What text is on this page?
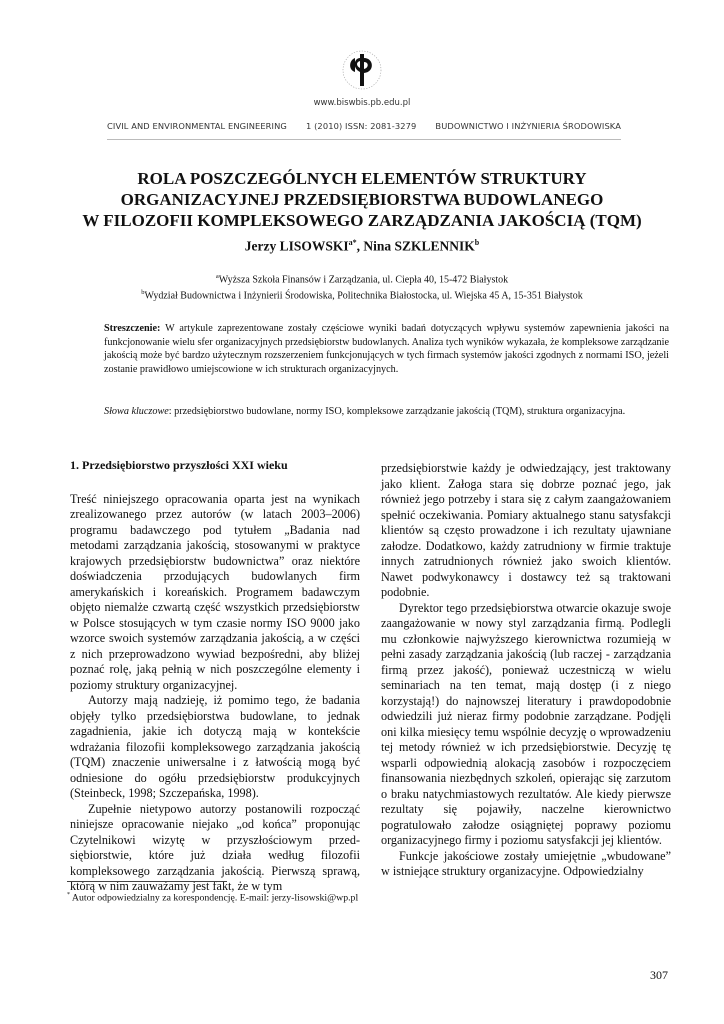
www.biswbis.pb.edu.pl
CIVIL AND ENVIRONMENTAL ENGINEERING 1 (2010) ISSN: 2081-3279 BUDOWNICTWO I INŻYNIERIA ŚRODOWISKA
ROLA POSZCZEGÓLNYCH ELEMENTÓW STRUKTURY
ORGANIZACYJNEJ PRZEDSIĘBIORSTWA BUDOWLANEGO
W FILOZOFII KOMPLEKSOWEGO ZARZĄDZANIA JAKOŚCIĄ (TQM)
Jerzy $LISOWSKI^{a*}$, Nina SZKLENNIK$^b$
$^a$Wyższa Szkoła Finansów i Zarządzania, ul. Ciepła 40, 15-472 Białystok
$^b$Wydział Budownictwa i Inżynierii Środowiska, Politechnika Białostocka, ul. Wiejska 45 A, 15-351 Białystok
Streszczenie: W artykule zaprezentowane zostały częściowe wyniki badań dotyczących wpływu systemów zapewnienia jakości na funkcjonowanie wielu sfer organizacyjnych przedsiębiorstw budowlanych. Analiza tych wyników wykazała, że kompleksowe zarządzanie jakością może być bardzo użytecznym rozszerzeniem funkcjonujących w tych firmach systemów jakości zgodnych z normami ISO, jeżeli zostanie prawidłowo umiejscowione w ich strukturach organizacyjnych.
Słowa kluczowe: przedsiębiorstwo budowlane, normy ISO, kompleksowe zarządzanie jakością (TQM), struktura organizacyjna.
1. Przedsiębiorstwo przyszłości XXI wieku

Treść niniejszego opracowania oparta jest na wynikach zrealizowanego przez autorów (w latach 2003–2006) programu badawczego pod tytułem „Badania nad metodami zarządzania jakością, stosowanymi w praktyce krajowych przedsiębiorstw budownictwa” oraz niektóre doświadczenia przodujących budowlanych firm amerykańskich i koreańskich. Programem badawczym objęto niemalże czwartą część wszystkich przedsiębiorstw w Polsce stosujących w tym czasie normy ISO 9000 jako wzorce swoich systemów zarządzania jakością, a w części z nich przeprowadzono wywiad bezpośredni, aby bliżej poznać rolę, jaką pełnią w nich poszczególne elementy i poziomy struktury organizacyjnej.

Autorzy mają nadzieję, iż pomimo tego, że badania objęły tylko przedsiębiorstwa budowlane, to jednak zagadnienia, jakie ich dotyczą mają w kontekście wdrażania filozofii kompleksowego zarządzania jakością (TQM) znaczenie uniwersalne i z łatwością mogą być odniesione do ogółu przedsiębiorstw produkcyjnych (Steinbeck, 1998; Szczepańska, 1998).

Zupełnie nietypowo autorzy postanowili rozpocząć niniejsze opracowanie niejako „od końca” proponując Czytelnikowi wizytę w przyszłościowym przed-siębiorstwie, które już działa według filozofii kompleksowego zarządzania jakością. Pierwszą sprawą, którą w nim zauważamy jest fakt, że w tym

przedsiębiorstwie każdy je odwiedzający, jest traktowany jako klient. Załoga stara się dobrze poznać jego, jak również jego potrzeby i stara się z całym zaangażowaniem spełnić oczekiwania. Pomiary aktualnego stanu satysfakcji klientów są często prowadzone i ich rezultaty ujawniane załodze. Dodatkowo, każdy zatrudniony w firmie traktuje innych zatrudnionych również jako swoich klientów. Nawet podwykonawcy i dostawcy też są traktowani podobnie.

Dyrektor tego przedsiębiorstwa otwarcie okazuje swoje zaangażowanie w nowy styl zarządzania firmą. Podlegli mu członkowie najwyższego kierownictwa rozumieją w pełni zasady zarządzania jakością (lub raczej - zarządzania firmą przez jakość), ponieważ uczestniczą w wielu seminariach na ten temat, mają dostęp (i z niego korzystają!) do najnowszej literatury i prawdopodobnie odwiedzili już nieraz firmy podobnie zarządzane. Podjęli oni kilka miesięcy temu wspólnie decyzję o wprowadzeniu tej metody również w ich przedsiębiorstwie. Decyzję tę wsparli odpowiednią alokacją zasobów i rozpoczęciem finansowania niezbędnych szkoleń, opierając się zarzutom o braku natychmiastowych rezultatów. Ale kiedy pierwsze rezultaty się pojawiły, naczelne kierownictwo pogratulowało załodze osiągniętej poprawy poziomu organizacyjnego firmy i poziomu satysfakcji jej klientów.

Funkcje jakościowe zostały umiejętnie „wbudowane” w istniejące struktury organizacyjne. Odpowiedzialny

* Autor odpowiedzialny za korespondencję. E-mail: jerzy-lisowski@wp.pl
307
